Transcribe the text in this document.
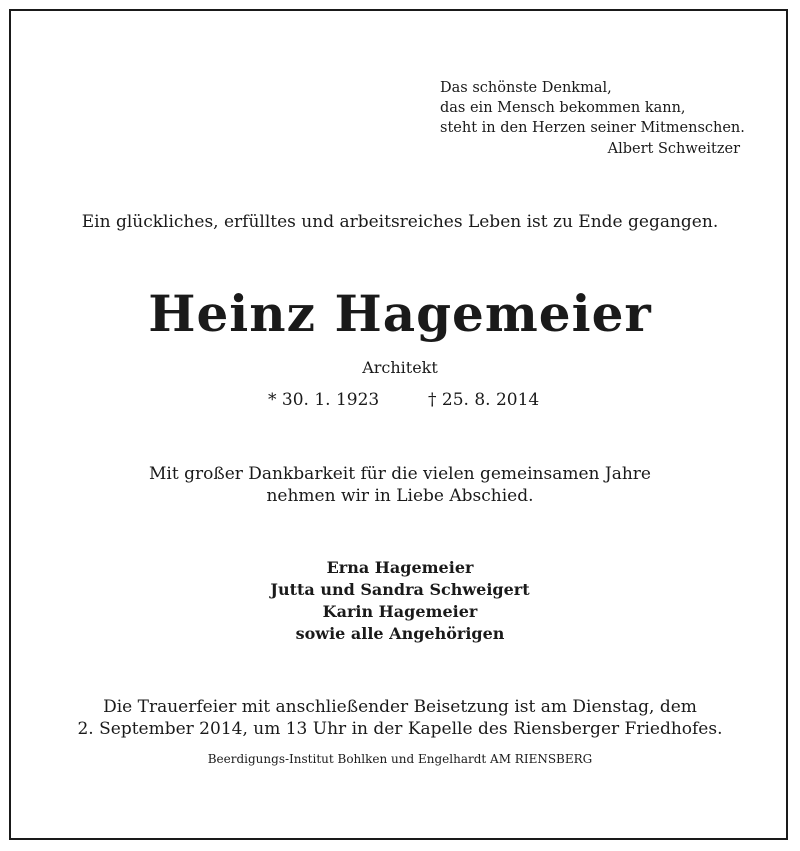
Das schönste Denkmal,
das ein Mensch bekommen kann,
steht in den Herzen seiner Mitmenschen.
Albert Schweitzer
Ein glückliches, erfülltes und arbeitsreiches Leben ist zu Ende gegangen.
Heinz Hagemeier
Architekt
* 30. 1. 1923	† 25. 8. 2014
Mit großer Dankbarkeit für die vielen gemeinsamen Jahre
nehmen wir in Liebe Abschied.
Erna Hagemeier
Jutta und Sandra Schweigert
Karin Hagemeier
sowie alle Angehörigen
Die Trauerfeier mit anschließender Beisetzung ist am Dienstag, dem
2. September 2014, um 13 Uhr in der Kapelle des Riensberger Friedhofes.
Beerdigungs-Institut Bohlken und Engelhardt AM RIENSBERG
